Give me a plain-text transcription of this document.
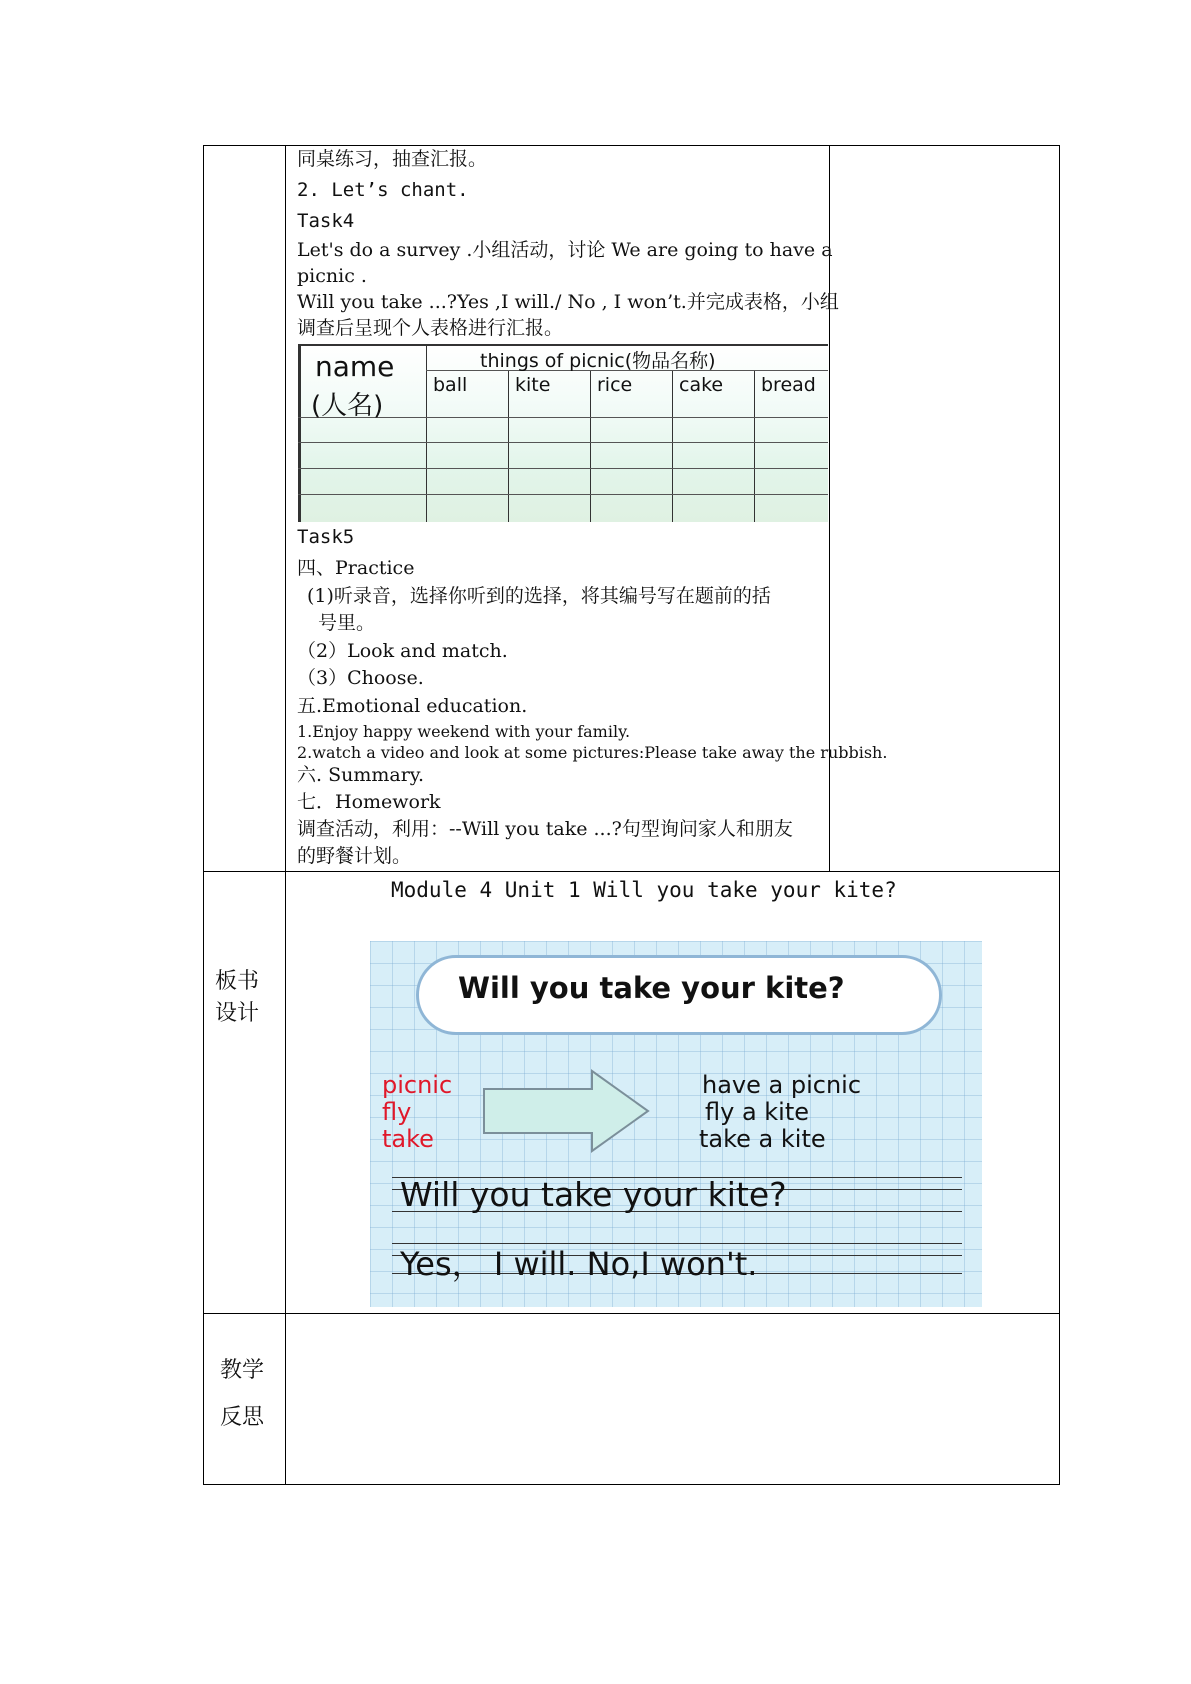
同桌练习，抽查汇报。
2. Let’s chant.
Task4
Let's do a survey .小组活动，讨论 We are going to have a
picnic .
Will you take ...?Yes ,I will./ No , I won’t.并完成表格，小组
调查后呈现个人表格进行汇报。
name
(人名)
things of picnic(物品名称)
ball	kite rice cake bread
Task5
四、Practice
(1)听录音，选择你听到的选择，将其编号写在题前的括
号里。
（2）Look and match.
（3）Choose.
五.Emotional education.
1.Enjoy happy weekend with your family.
2.watch a video and look at some pictures:Please take away the rubbish.
六. Summary.
七．Homework
调查活动，利用：--Will you take ...?句型询问家人和朋友
的野餐计划。
板书
设计
Module 4 Unit 1 Will you take your kite?
Will you take your kite?
picnic
fly
take
have a picnic
fly a kite
take a kite
Will you take your kite?
Yes， I will. No,I won't.
教学
反思
